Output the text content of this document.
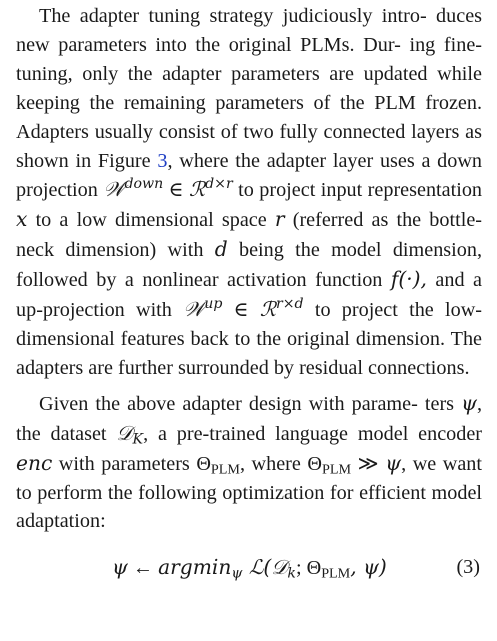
The adapter tuning strategy judiciously intro- duces new parameters into the original PLMs. Dur- ing fine-tuning, only the adapter parameters are updated while keeping the remaining parameters of the PLM frozen. Adapters usually consist of two fully connected layers as shown in Figure 3, where the adapter layer uses a down projection 𝒲$^{down}$ ∈ ℛ$^{d\times r}$ to project input representation x to a low dimensional space r (referred as the bottle-neck dimension) with d being the model dimension, followed by a nonlinear activation function f(·), and a up-projection with 𝒲$^{up}$ ∈ ℛ$^{r\times d}$ to project the low-dimensional features back to the original dimension. The adapters are further surrounded by residual connections.

Given the above adapter design with parame- ters ψ, the dataset 𝒟$_K$, a pre-trained language model encoder enc with parameters $\Theta_{PLM}$, where $\Theta_{PLM}$ ≫ ψ, we want to perform the following optimization for efficient model adaptation:

ψ ← argmin$_\psi$ ℒ(𝒟$_k$; $\Theta_{PLM}$, ψ)	(3)
